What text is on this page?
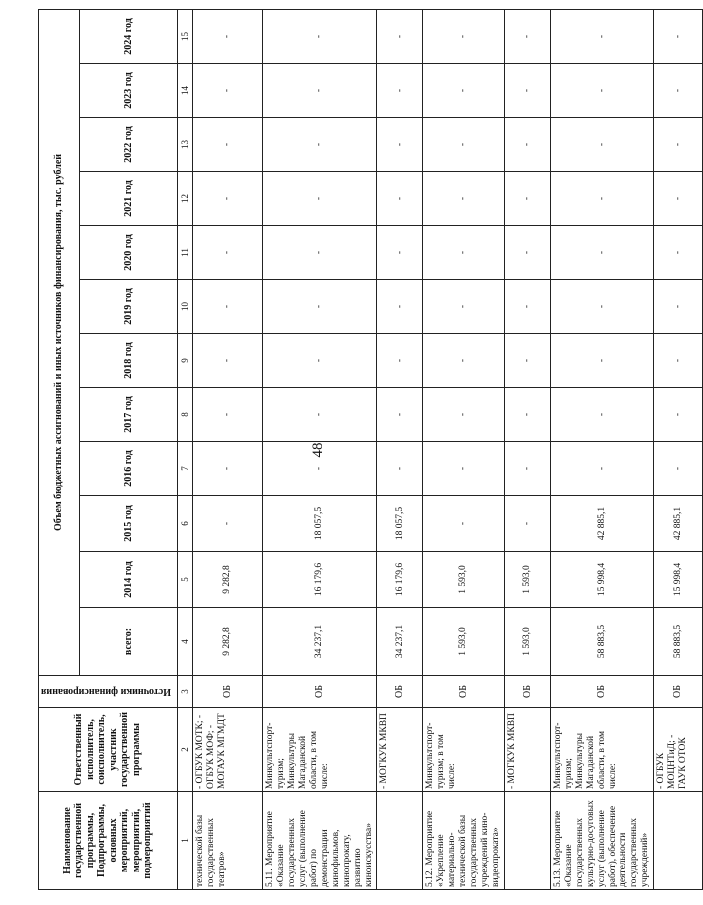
48
Наименование государственной программы, Подпрограммы, основных мероприятий, мероприятий, подмероприятий	Ответственный исполнитель, соисполнитель, участник государственной программы	Источники финансирования	Объем бюджетных ассигнований и иных источников финансирования, тыс. рублей											
			всего:	2014 год	2015 год	2016 год	2017 год	2018 год	2019 год	2020 год	2021 год	2022 год	2023 год	2024 год
1	2	3	4	5	6	7	8	9	10	11	12	13	14	15
технической базы государственных театров»	- ОГБУК МОТК; - ОГБУК МОФ; - МОГАУК МГМДТ	ОБ	9 282,8	9 282,8	-	-	-	-	-	-	-	-	-	-
5.11. Мероприятие «Оказание государственных услуг (выполнение работ) по демонстрации кинофильмов, кинопрокату, развитию киноискусства»	Минкультспорт-туризм; Минкультуры Магаданской области, в том числе:	ОБ	34 237,1	16 179,6	18 057,5	-	-	-	-	-	-	-	-	-
	- МОГКУК МКВП	ОБ	34 237,1	16 179,6	18 057,5	-	-	-	-	-	-	-	-	-
5.12. Мероприятие «Укрепление материально-технической базы государственных учреждений кино-видеопроката»	Минкультспорт-туризм; в том числе:	ОБ	1 593,0	1 593,0	-	-	-	-	-	-	-	-	-	-
	- МОГКУК МКВП	ОБ	1 593,0	1 593,0	-	-	-	-	-	-	-	-	-	-
5.13. Мероприятие «Оказание государственных культурно-досуговых услуг (выполнение работ), обеспечение деятельности государственных учреждений»	Минкультспорт-туризм; Минкультуры Магаданской области, в том числе:	ОБ	58 883,5	15 998,4	42 885,1	-	-	-	-	-	-	-	-	-
	- ОГБУК МОЦНТиД; - ГАУК ОТОК	ОБ	58 883,5	15 998,4	42 885,1	-	-	-	-	-	-	-	-	-
